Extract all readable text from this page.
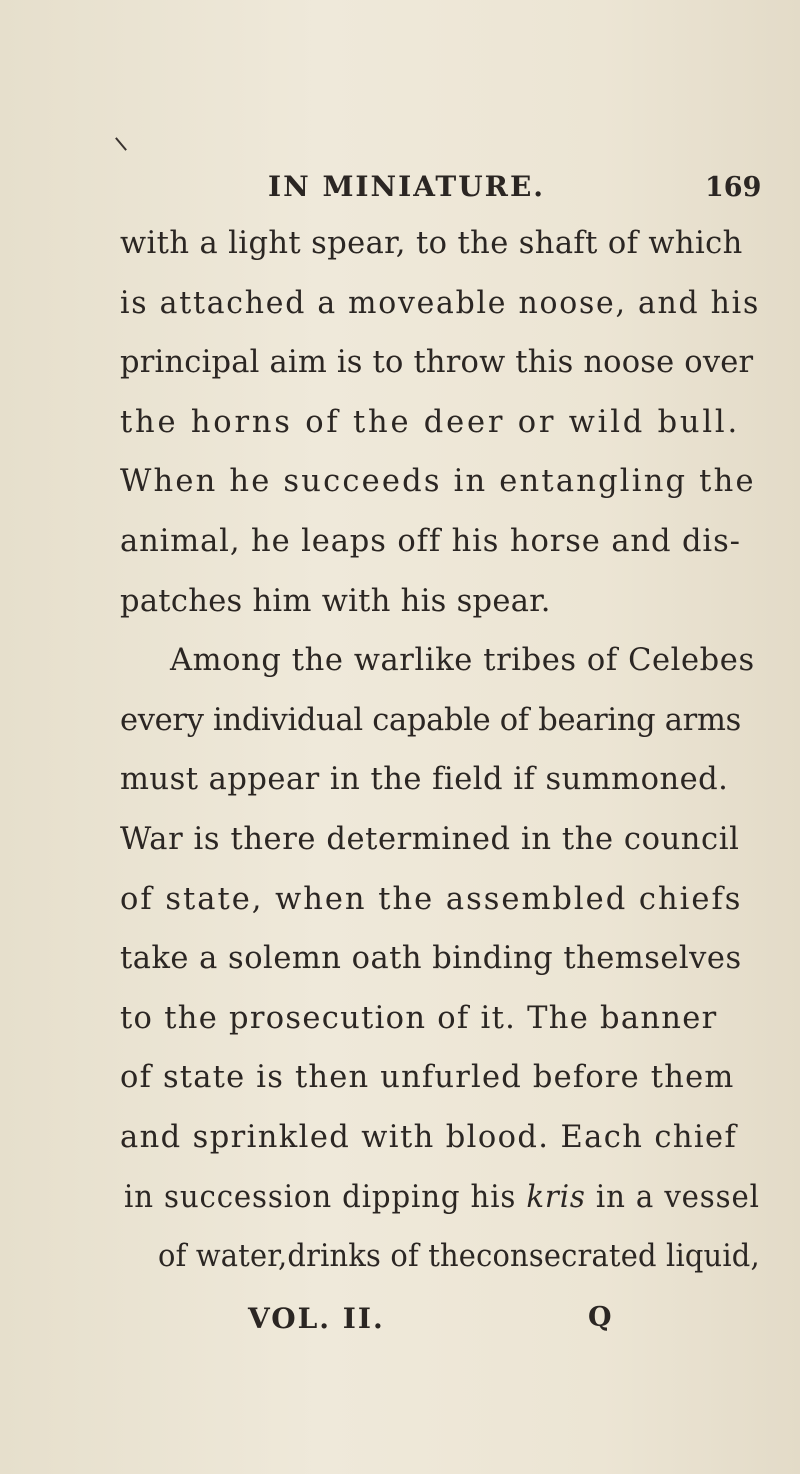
IN MINIATURE.	169
with a light spear, to the shaft of which
is attached a moveable noose, and his
principal aim is to throw this noose over
the horns of the deer or wild bull.
When he succeeds in entangling the
animal, he leaps off his horse and dis-
patches him with his spear.
Among the warlike tribes of Celebes
every individual capable of bearing arms
must appear in the field if summoned.
War is there determined in the council
of state, when the assembled chiefs
take a solemn oath binding themselves
to the prosecution of it. The banner
of state is then unfurled before them
and sprinkled with blood. Each chief
in succession dipping his kris in a vessel
of water,drinks of theconsecrated liquid,
VOL. II.	Q
